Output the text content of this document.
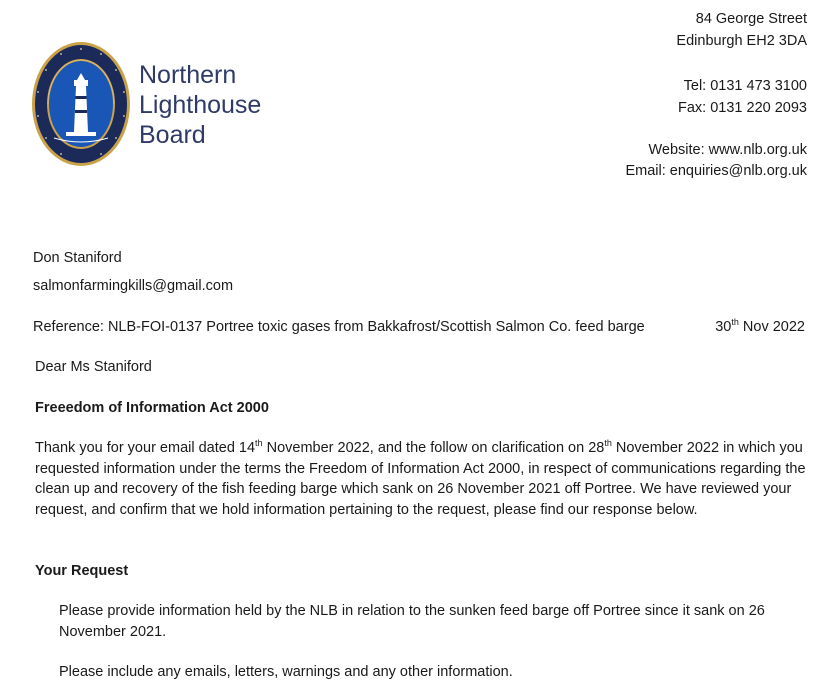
Northern
Lighthouse
Board
84 George Street
Edinburgh EH2 3DA
Tel: 0131 473 3100
Fax: 0131 220 2093
Website: www.nlb.org.uk
Email: enquiries@nlb.org.uk
Don Staniford
salmonfarmingkills@gmail.com
Reference: NLB-FOI-0137 Portree toxic gases from Bakkafrost/Scottish Salmon Co. feed barge	30th Nov 2022
Dear Ms Staniford
Freeedom of Information Act 2000
Thank you for your email dated 14th November 2022, and the follow on clarification on 28th November 2022 in which you requested information under the terms the Freedom of Information Act 2000, in respect of communications regarding the clean up and recovery of the fish feeding barge which sank on 26 November 2021 off Portree. We have reviewed your request, and confirm that we hold information pertaining to the request, please find our response below.
Your Request
Please provide information held by the NLB in relation to the sunken feed barge off Portree since it sank on 26 November 2021.
Please include any emails, letters, warnings and any other information.
